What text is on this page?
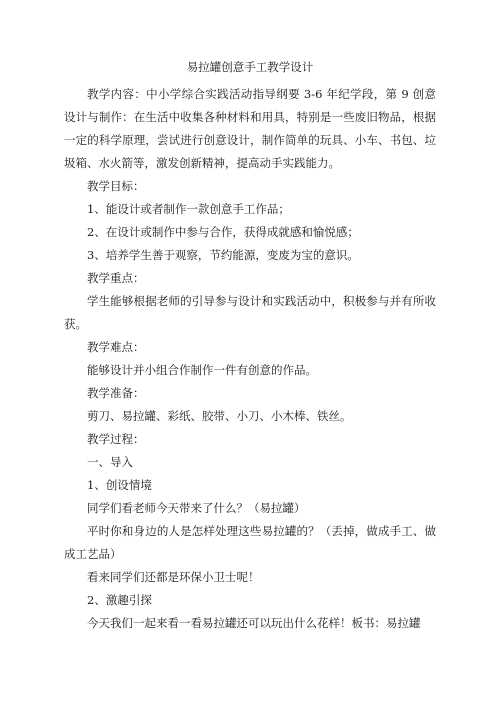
易拉罐创意手工教学设计

教学内容：中小学综合实践活动指导纲要 3-6 年纪学段，第 9 创意设计与制作：在生活中收集各种材料和用具，特别是一些废旧物品，根据一定的科学原理，尝试进行创意设计，制作简单的玩具、小车、书包、垃圾箱、水火箭等，激发创新精神，提高动手实践能力。

教学目标：

1、能设计或者制作一款创意手工作品；

2、在设计或制作中参与合作，获得成就感和愉悦感；

3、培养学生善于观察，节约能源，变废为宝的意识。

教学重点：

学生能够根据老师的引导参与设计和实践活动中，积极参与并有所收获。

教学难点：

能够设计并小组合作制作一件有创意的作品。

教学准备：

剪刀、易拉罐、彩纸、胶带、小刀、小木棒、铁丝。

教学过程：

一、导入

1、创设情境

同学们看老师今天带来了什么？（易拉罐）

平时你和身边的人是怎样处理这些易拉罐的？（丢掉，做成手工、做成工艺品）

看来同学们还都是环保小卫士呢！

2、激趣引探

今天我们一起来看一看易拉罐还可以玩出什么花样！板书：易拉罐
